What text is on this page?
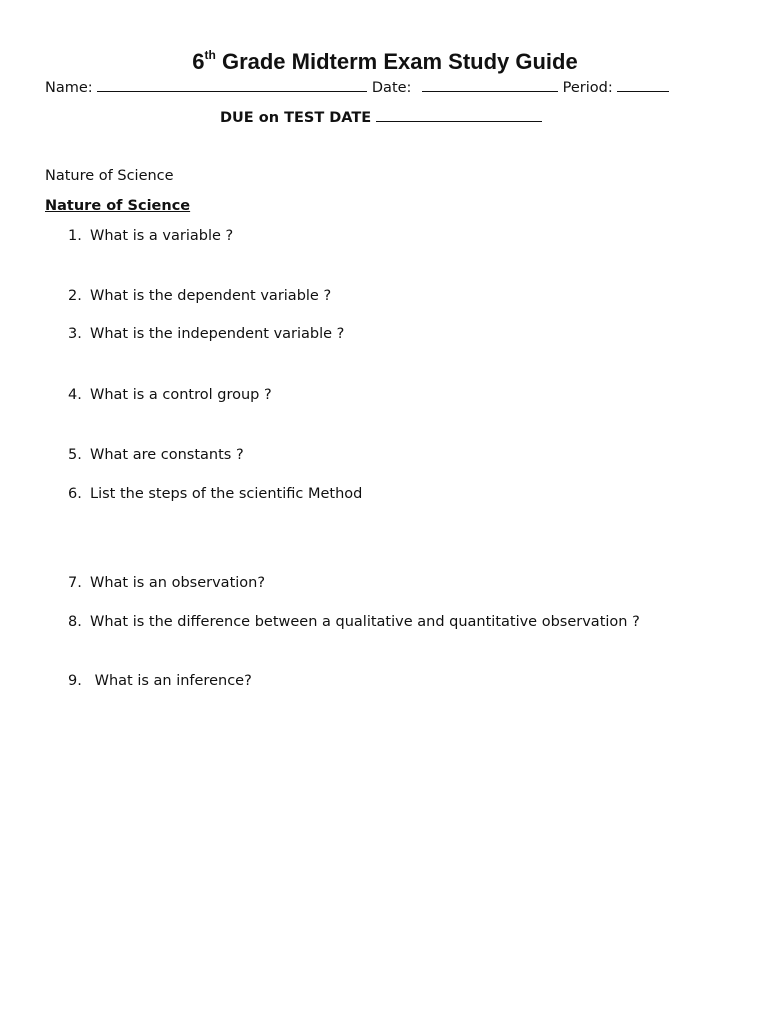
6th Grade Midterm Exam Study Guide
Name:	Date:	Period:
DUE on TEST DATE
Nature of Science
Nature of Science
1. What is a variable ?
2. What is the dependent variable ?
3. What is the independent variable ?
4. What is a control group ?
5. What are constants ?
6. List the steps of the scientific Method
7. What is an observation?
8. What is the difference between a qualitative and quantitative observation ?
9. What is an inference?
